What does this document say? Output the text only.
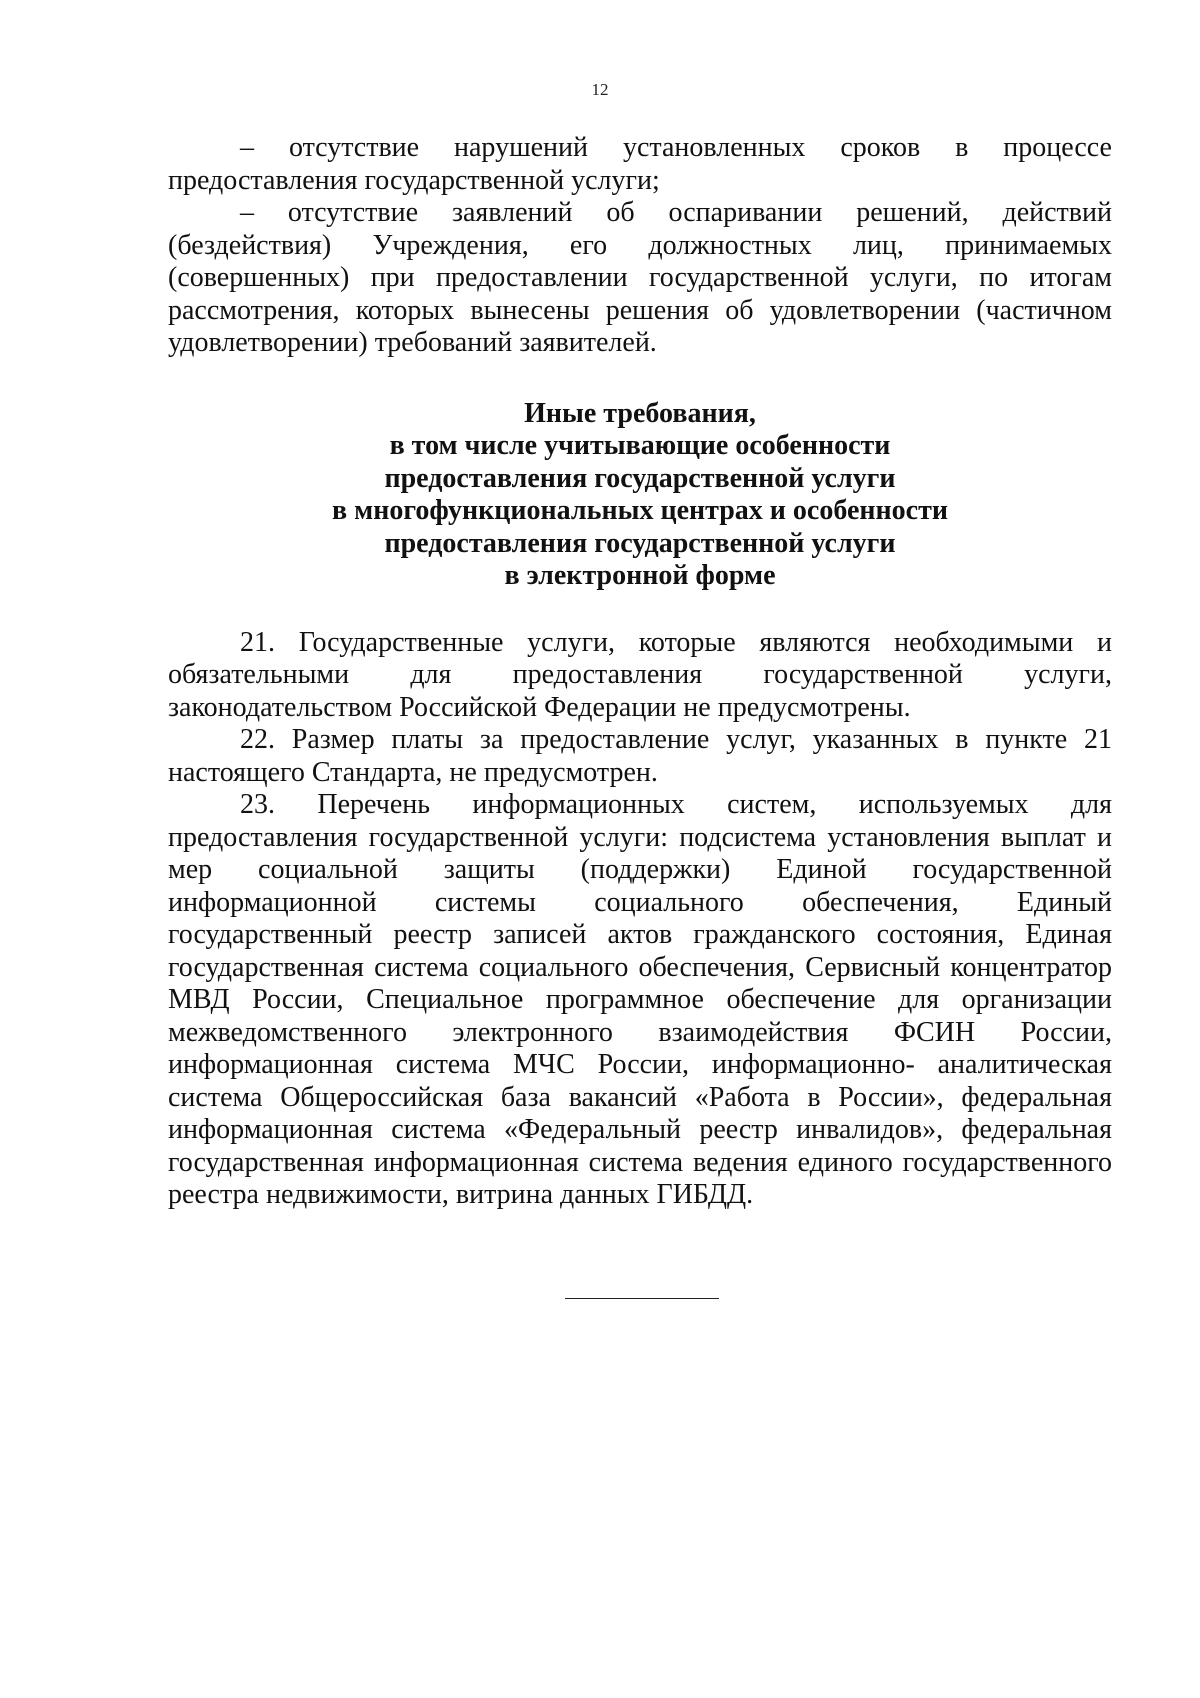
12

– отсутствие нарушений установленных сроков в процессе предоставления государственной услуги;

– отсутствие заявлений об оспаривании решений, действий (бездействия) Учреждения, его должностных лиц, принимаемых (совершенных) при предоставлении государственной услуги, по итогам рассмотрения, которых вынесены решения об удовлетворении (частичном удовлетворении) требований заявителей.

Иные требования,
в том числе учитывающие особенности
предоставления государственной услуги
в многофункциональных центрах и особенности
предоставления государственной услуги
в электронной форме

21. Государственные услуги, которые являются необходимыми и обязательными для предоставления государственной услуги, законодательством Российской Федерации не предусмотрены.

22. Размер платы за предоставление услуг, указанных в пункте 21 настоящего Стандарта, не предусмотрен.

23. Перечень информационных систем, используемых для предоставления государственной услуги: подсистема установления выплат и мер социальной защиты (поддержки) Единой государственной информационной системы социального обеспечения, Единый государственный реестр записей актов гражданского состояния, Единая государственная система социального обеспечения, Сервисный концентратор МВД России, Специальное программное обеспечение для организации межведомственного электронного взаимодействия ФСИН России, информационная система МЧС России, информационно- аналитическая система Общероссийская база вакансий «Работа в России», федеральная информационная система «Федеральный реестр инвалидов», федеральная государственная информационная система ведения единого государственного реестра недвижимости, витрина данных ГИБДД.
